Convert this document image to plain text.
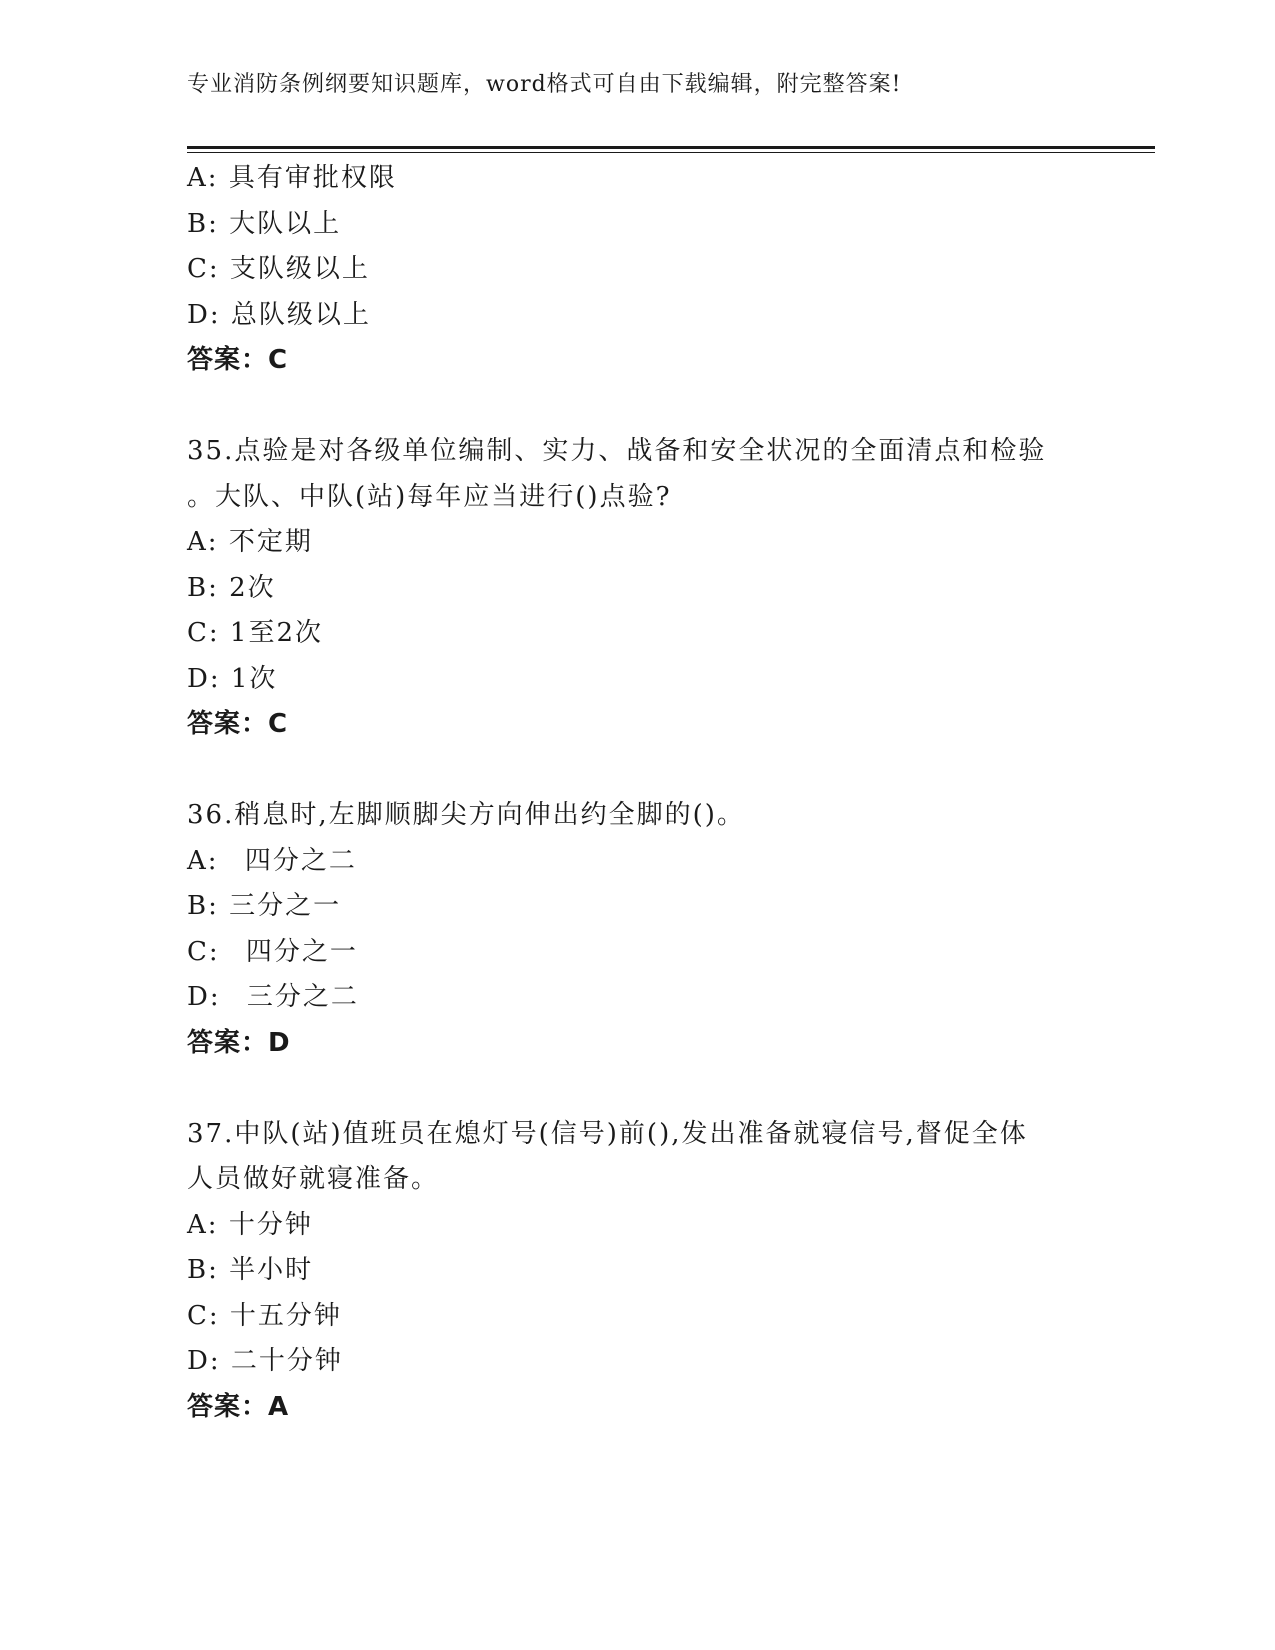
专业消防条例纲要知识题库，word格式可自由下载编辑，附完整答案!
A: 具有审批权限
B: 大队以上
C: 支队级以上
D: 总队级以上
答案：C
35.点验是对各级单位编制、实力、战备和安全状况的全面清点和检验
。大队、中队(站)每年应当进行()点验?
A: 不定期
B: 2次
C: 1至2次
D: 1次
答案：C
36.稍息时,左脚顺脚尖方向伸出约全脚的()。
A: 四分之二
B: 三分之一
C: 四分之一
D: 三分之二
答案：D
37.中队(站)值班员在熄灯号(信号)前(),发出准备就寝信号,督促全体
人员做好就寝准备。
A: 十分钟
B: 半小时
C: 十五分钟
D: 二十分钟
答案：A
